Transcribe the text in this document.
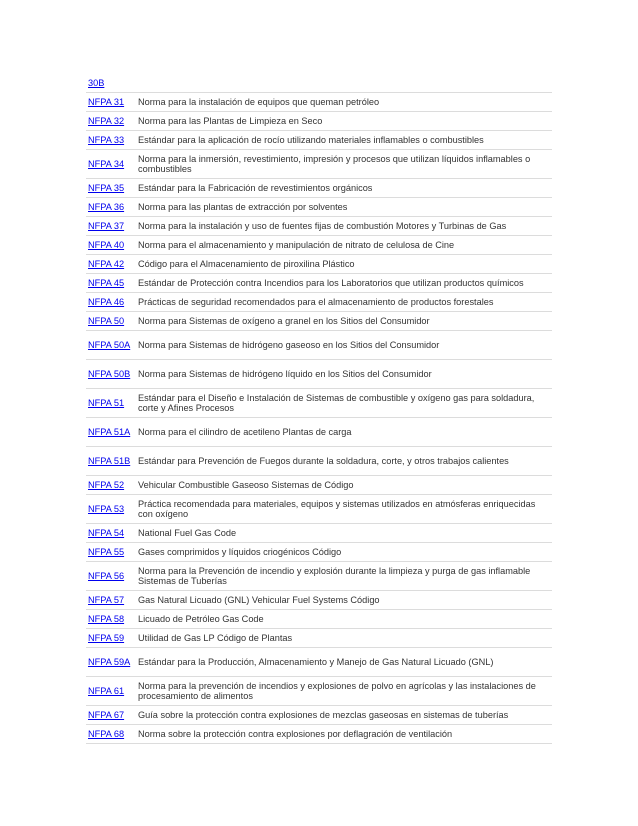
30B	
NFPA 31	Norma para la instalación de equipos que queman petróleo
NFPA 32	Norma para las Plantas de Limpieza en Seco
NFPA 33	Estándar para la aplicación de rocío utilizando materiales inflamables o combustibles
NFPA 34	Norma para la inmersión, revestimiento, impresión y procesos que utilizan líquidos inflamables o combustibles
NFPA 35	Estándar para la Fabricación de revestimientos orgánicos
NFPA 36	Norma para las plantas de extracción por solventes
NFPA 37	Norma para la instalación y uso de fuentes fijas de combustión Motores y Turbinas de Gas
NFPA 40	Norma para el almacenamiento y manipulación de nitrato de celulosa de Cine
NFPA 42	Código para el Almacenamiento de piroxilina Plástico
NFPA 45	Estándar de Protección contra Incendios para los Laboratorios que utilizan productos químicos
NFPA 46	Prácticas de seguridad recomendados para el almacenamiento de productos forestales
NFPA 50	Norma para Sistemas de oxígeno a granel en los Sitios del Consumidor
NFPA 50A	Norma para Sistemas de hidrógeno gaseoso en los Sitios del Consumidor
NFPA 50B	Norma para Sistemas de hidrógeno líquido en los Sitios del Consumidor
NFPA 51	Estándar para el Diseño e Instalación de Sistemas de combustible y oxígeno gas para soldadura, corte y Afines Procesos
NFPA 51A	Norma para el cilindro de acetileno Plantas de carga
NFPA 51B	Estándar para Prevención de Fuegos durante la soldadura, corte, y otros trabajos calientes
NFPA 52	Vehicular Combustible Gaseoso Sistemas de Código
NFPA 53	Práctica recomendada para materiales, equipos y sistemas utilizados en atmósferas enriquecidas con oxígeno
NFPA 54	National Fuel Gas Code
NFPA 55	Gases comprimidos y líquidos criogénicos Código
NFPA 56	Norma para la Prevención de incendio y explosión durante la limpieza y purga de gas inflamable Sistemas de Tuberías
NFPA 57	Gas Natural Licuado (GNL) Vehicular Fuel Systems Código
NFPA 58	Licuado de Petróleo Gas Code
NFPA 59	Utilidad de Gas LP Código de Plantas
NFPA 59A	Estándar para la Producción, Almacenamiento y Manejo de Gas Natural Licuado (GNL)
NFPA 61	Norma para la prevención de incendios y explosiones de polvo en agrícolas y las instalaciones de procesamiento de alimentos
NFPA 67	Guía sobre la protección contra explosiones de mezclas gaseosas en sistemas de tuberías
NFPA 68	Norma sobre la protección contra explosiones por deflagración de ventilación
